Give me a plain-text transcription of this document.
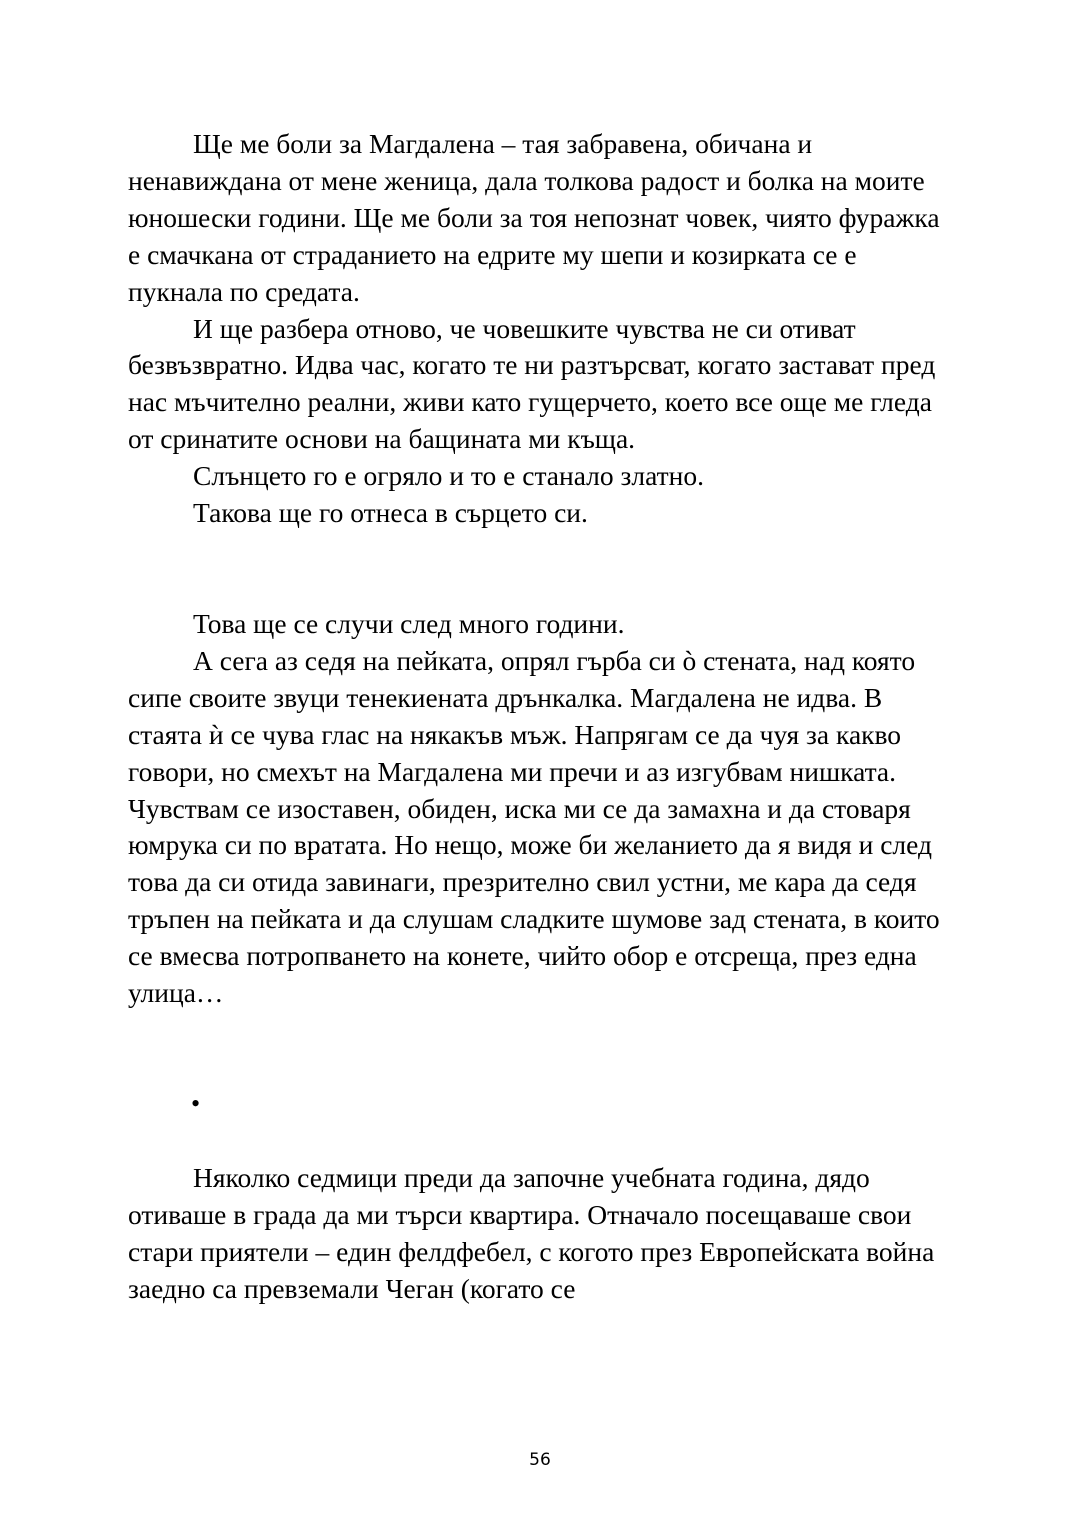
Ще ме боли за Магдалена – тая забравена, обичана и ненавиждана от мене женица, дала толкова радост и болка на моите юношески години. Ще ме боли за тоя непознат човек, чиято фуражка е смачкана от страданието на едрите му шепи и козирката се е пукнала по средата.

И ще разбера отново, че човешките чувства не си отиват безвъзвратно. Идва час, когато те ни разтърсват, когато застават пред нас мъчително реални, живи като гущерчето, което все още ме гледа от сринатите основи на бащината ми къща.

Слънцето го е огряло и то е станало златно.

Такова ще го отнеса в сърцето си.

Това ще се случи след много години.

А сега аз седя на пейката, опрял гърба си ò стената, над която сипе своите звуци тенекиената дрънкалка. Магдалена не идва. В стаята ѝ се чува глас на някакъв мъж. Напрягам се да чуя за какво говори, но смехът на Магдалена ми пречи и аз изгубвам нишката. Чувствам се изоставен, обиден, иска ми се да замахна и да стоваря юмрука си по вратата. Но нещо, може би желанието да я видя и след това да си отида завинаги, презрително свил устни, ме кара да седя тръпен на пейката и да слушам сладките шумове зад стената, в които се вмесва потропването на конете, чийто обор е отсреща, през една улица…

•

Няколко седмици преди да започне учебната година, дядо отиваше в града да ми търси квартира. Отначало посещаваше свои стари приятели – един фелдфебел, с когото през Европейската война заедно са превземали Чеган (когато се

56
